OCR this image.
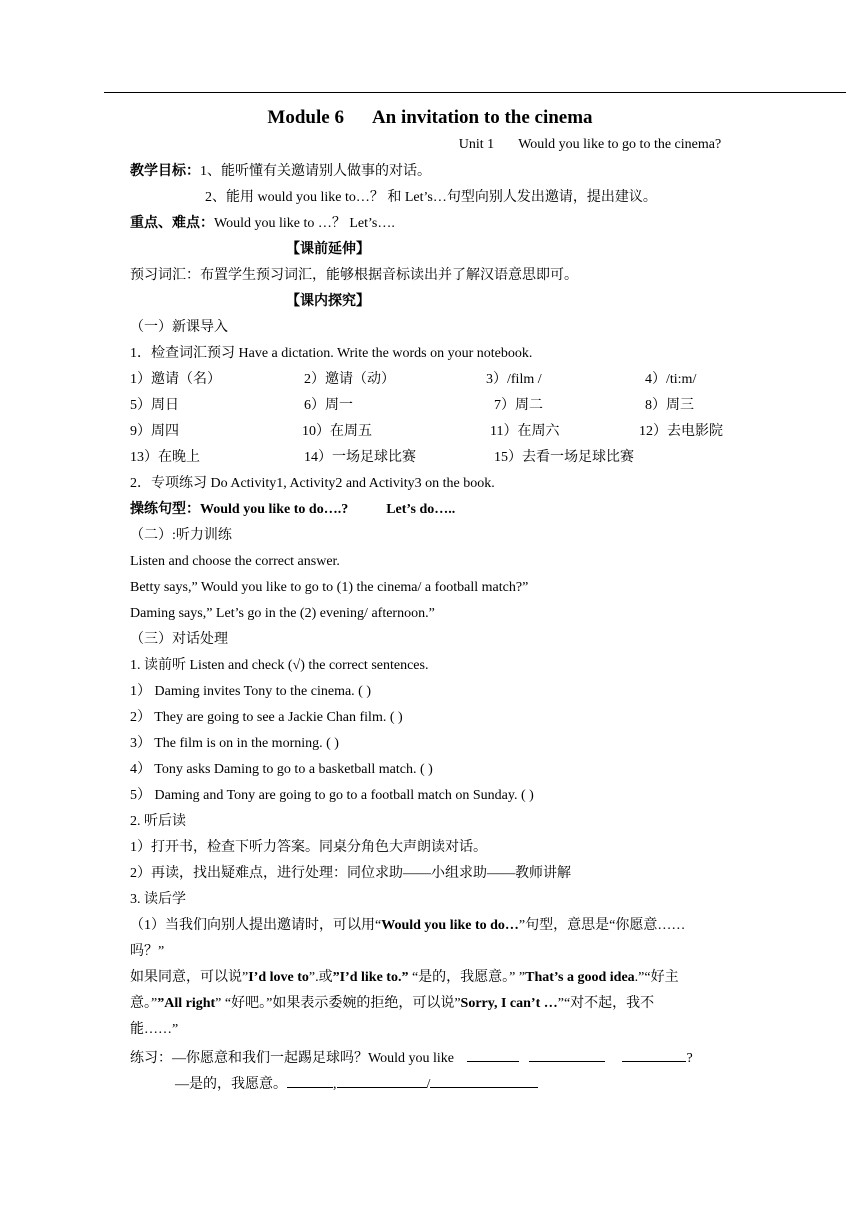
Module 6 An invitation to the cinema
Unit 1 Would you like to go to the cinema?
教学目标：1、能听懂有关邀请别人做事的对话。
2、能用 would you like to…？ 和 Let’s…句型向别人发出邀请，提出建议。
重点、难点：Would you like to …？ Let’s….
【课前延伸】
预习词汇：布置学生预习词汇，能够根据音标读出并了解汉语意思即可。
【课内探究】
（一）新课导入
1．检查词汇预习 Have a dictation. Write the words on your notebook.
1）邀请（名）	2）邀请（动）	3）/film /	4）/ti:m/
5）周日	6）周一	7）周二	8）周三
9）周四	10）在周五	11）在周六	12）去电影院
13）在晚上	14）一场足球比赛	15）去看一场足球比赛
2．专项练习 Do Activity1, Activity2 and Activity3 on the book.
操练句型：Would you like to do….?	Let’s do…..
（二）:听力训练
Listen and choose the correct answer.
Betty says,” Would you like to go to (1) the cinema/ a football match?”
Daming says,” Let’s go in the (2) evening/ afternoon.”
（三）对话处理
1. 读前听 Listen and check (√) the correct sentences.
1） Daming invites Tony to the cinema. ( )
2） They are going to see a Jackie Chan film. ( )
3） The film is on in the morning. ( )
4） Tony asks Daming to go to a basketball match. ( )
5） Daming and Tony are going to go to a football match on Sunday. ( )
2. 听后读
1）打开书，检查下听力答案。同桌分角色大声朗读对话。
2）再读，找出疑难点，进行处理：同位求助——小组求助——教师讲解
3. 读后学
（1）当我们向别人提出邀请时，可以用“Would you like to do…”句型，意思是“你愿意……
吗？”
如果同意，可以说”I’d love to”.或”I’d like to.” “是的，我愿意。” ”That’s a good idea.”“好主
意。””All right” “好吧。”如果表示委婉的拒绝，可以说”Sorry, I can’t …”“对不起，我不
能……”
练习：—你愿意和我们一起踢足球吗？Would you like	?
—是的，我愿意。	,	/
